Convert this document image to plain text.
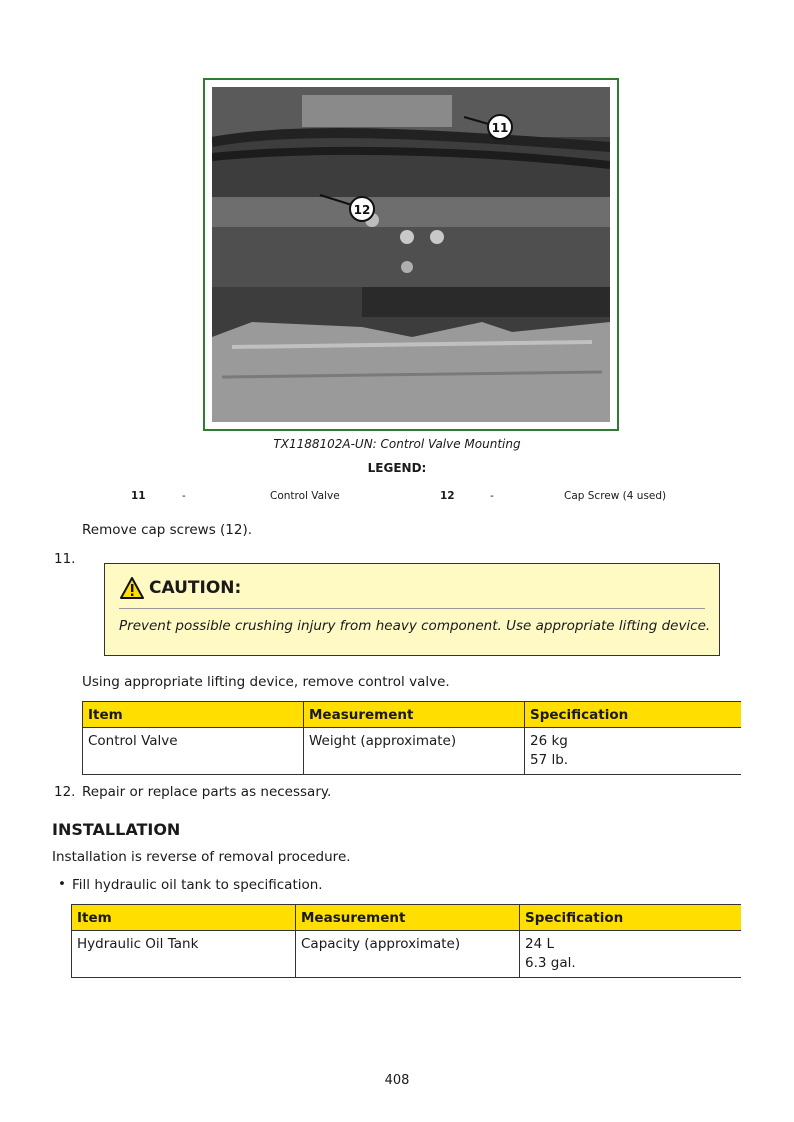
11
12
TX1188102A-UN: Control Valve Mounting
LEGEND:
11	-	Control Valve	12	-	Cap Screw (4 used)
Remove cap screws (12).
11.
CAUTION:
Prevent possible crushing injury from heavy component. Use appropriate lifting device.
Using appropriate lifting device, remove control valve.
Item	Measurement	Specification
Control Valve	Weight (approximate)	26 kg
57 lb.
12. Repair or replace parts as necessary.
INSTALLATION
Installation is reverse of removal procedure.
• Fill hydraulic oil tank to specification.
Item	Measurement	Specification
Hydraulic Oil Tank	Capacity (approximate)	24 L
6.3 gal.
408
